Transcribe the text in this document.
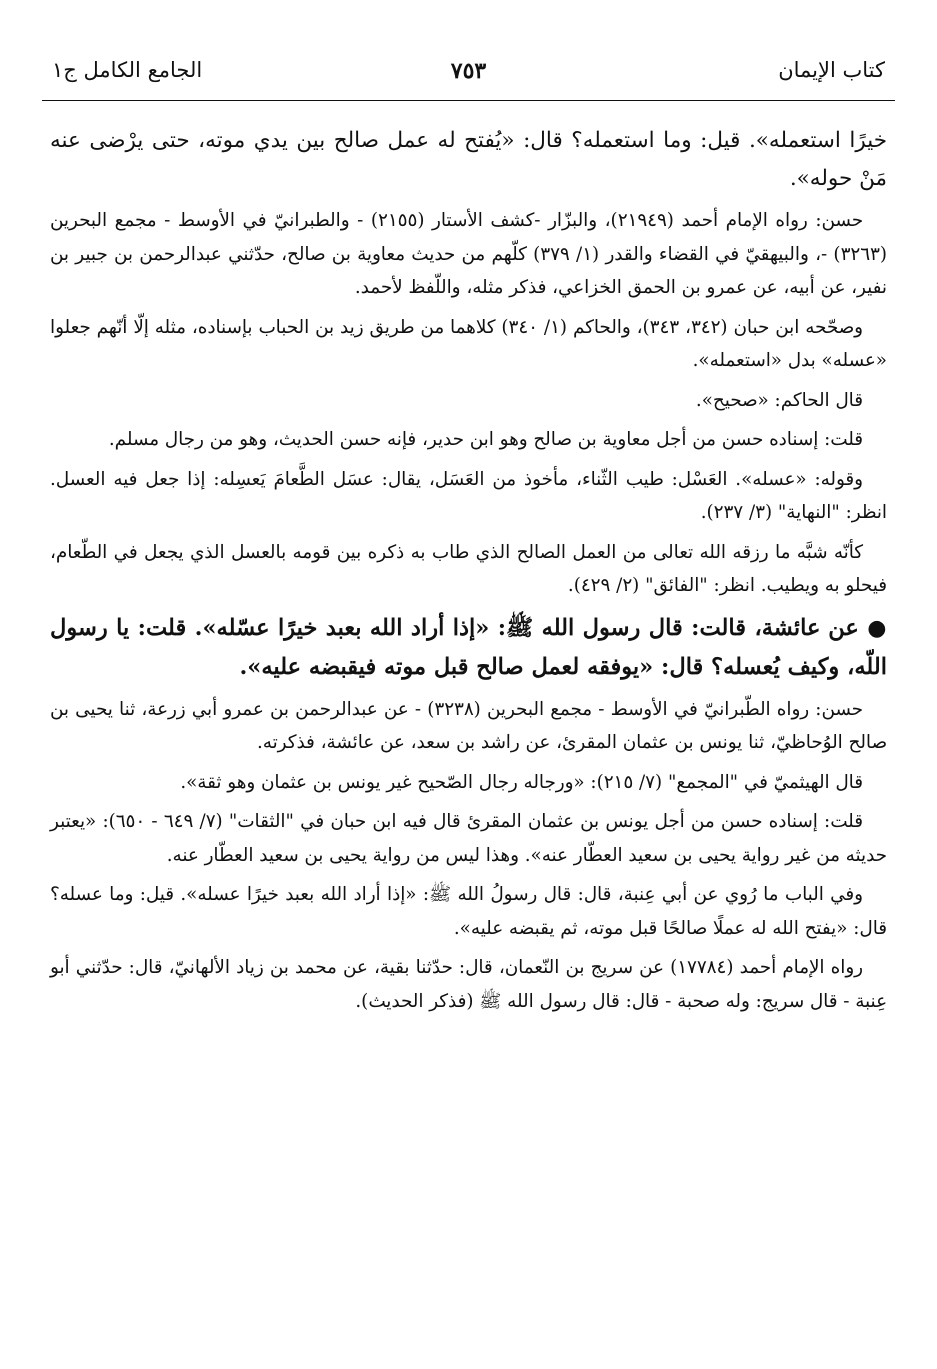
كتاب الإيمان
٧٥٣
الجامع الكامل ج١

خيرًا استعمله». قيل: وما استعمله؟ قال: «يُفتح له عمل صالح بين يدي موته، حتى يرْضى عنه مَنْ حوله».

حسن: رواه الإمام أحمد (٢١٩٤٩)، والبزّار -كشف الأستار (٢١٥٥) - والطبرانيّ في الأوسط - مجمع البحرين (٣٢٦٣) -، والبيهقيّ في القضاء والقدر (١/ ٣٧٩) كلّهم من حديث معاوية بن صالح، حدّثني عبدالرحمن بن جبير بن نفير، عن أبيه، عن عمرو بن الحمق الخزاعي، فذكر مثله، واللّفظ لأحمد.

وصحّحه ابن حبان (٣٤٢، ٣٤٣)، والحاكم (١/ ٣٤٠) كلاهما من طريق زيد بن الحباب بإسناده، مثله إلّا أنّهم جعلوا «عسله» بدل «استعمله».

قال الحاكم: «صحيح».

قلت: إسناده حسن من أجل معاوية بن صالح وهو ابن حدير، فإنه حسن الحديث، وهو من رجال مسلم.

وقوله: «عسله». العَسْل: طيب الثّناء، مأخوذ من العَسَل، يقال: عسَل الطَّعامَ يَعسِله: إذا جعل فيه العسل. انظر: "النهاية" (٣/ ٢٣٧).

كأنّه شبَّه ما رزقه الله تعالى من العمل الصالح الذي طاب به ذكره بين قومه بالعسل الذي يجعل في الطّعام، فيحلو به ويطيب. انظر: "الفائق" (٢/ ٤٢٩).

● عن عائشة، قالت: قال رسول الله ﷺ: «إذا أراد الله بعبد خيرًا عسّله». قلت: يا رسول اللّه، وكيف يُعسله؟ قال: «يوفقه لعمل صالح قبل موته فيقبضه عليه».

حسن: رواه الطّبرانيّ في الأوسط - مجمع البحرين (٣٢٣٨) - عن عبدالرحمن بن عمرو أبي زرعة، ثنا يحيى بن صالح الوُحاظيّ، ثنا يونس بن عثمان المقرئ، عن راشد بن سعد، عن عائشة، فذكرته.

قال الهيثميّ في "المجمع" (٧/ ٢١٥): «ورجاله رجال الصّحيح غير يونس بن عثمان وهو ثقة».

قلت: إسناده حسن من أجل يونس بن عثمان المقرئ قال فيه ابن حبان في "الثقات" (٧/ ٦٤٩ - ٦٥٠): «يعتبر حديثه من غير رواية يحيى بن سعيد العطّار عنه». وهذا ليس من رواية يحيى بن سعيد العطّار عنه.

وفي الباب ما رُوي عن أبي عِنبة، قال: قال رسولُ الله ﷺ: «إذا أراد الله بعبد خيرًا عسله». قيل: وما عسله؟ قال: «يفتح الله له عملًا صالحًا قبل موته، ثم يقبضه عليه».

رواه الإمام أحمد (١٧٧٨٤) عن سريج بن النّعمان، قال: حدّثنا بقية، عن محمد بن زياد الألهانيّ، قال: حدّثني أبو عِنبة - قال سريج: وله صحبة - قال: قال رسول الله ﷺ (فذكر الحديث).
